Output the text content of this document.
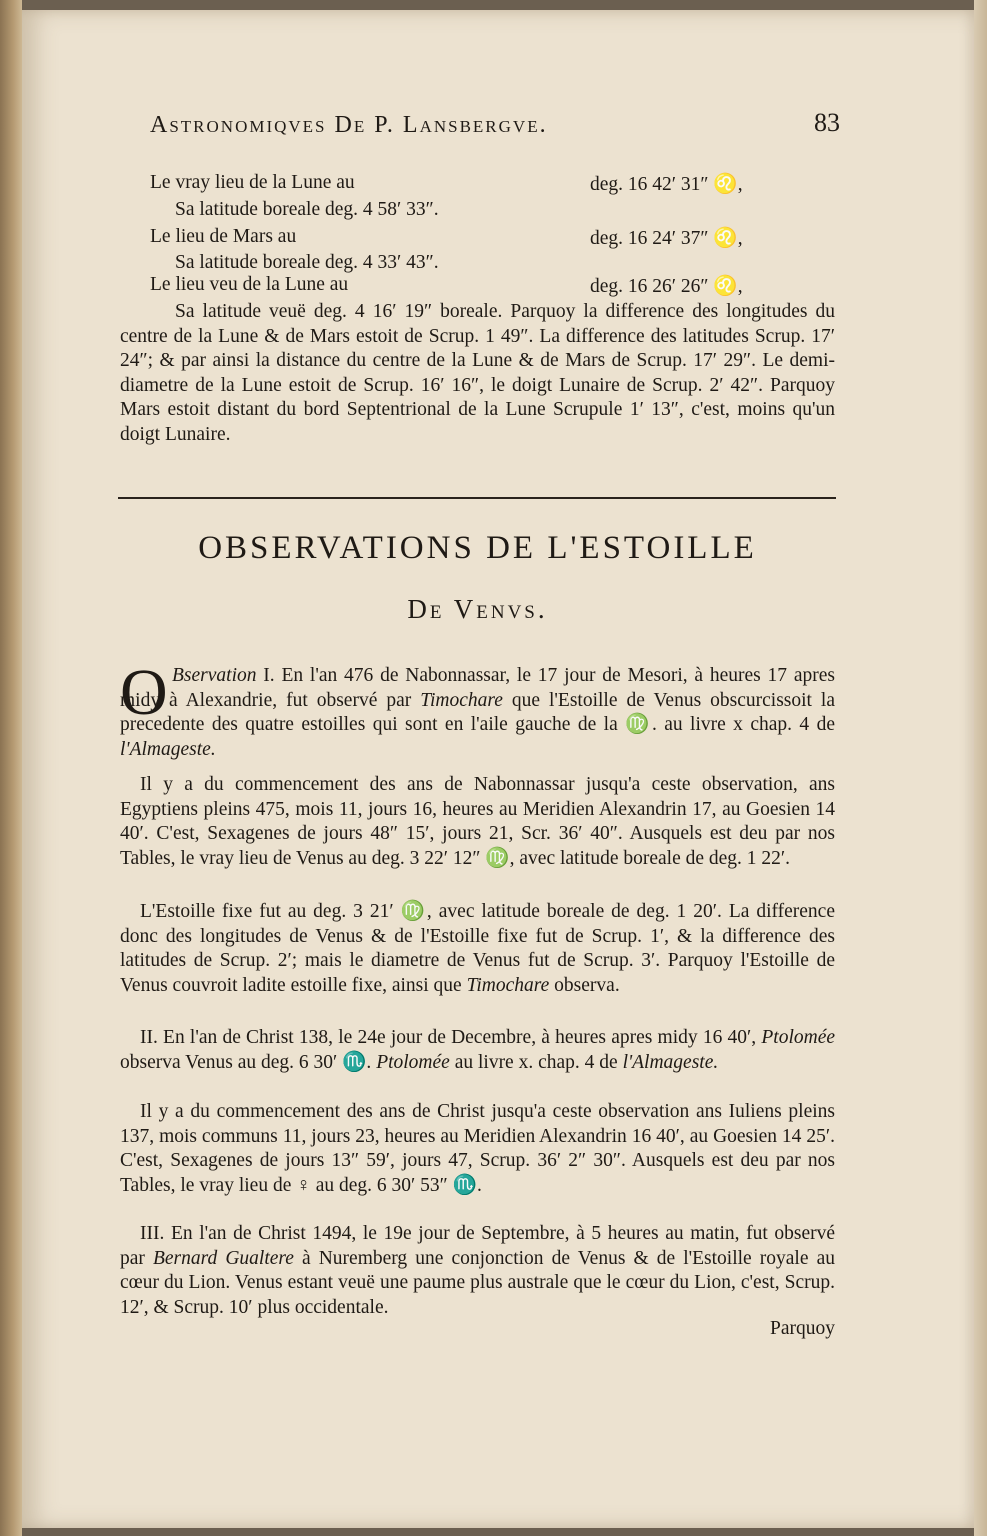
Astronomiqves De P. Lansbergve.	83
Le vray lieu de la Lune au	deg. 16 42′ 31″ ♌,
Sa latitude boreale deg. 4 58′ 33″.
Le lieu de Mars au	deg. 16 24′ 37″ ♌,
Sa latitude boreale deg. 4 33′ 43″.
Le lieu veu de la Lune au	deg. 16 26′ 26″ ♌,
Sa latitude veuë deg. 4 16′ 19″ boreale. Parquoy la difference des longitudes du centre de la Lune & de Mars estoit de Scrup. 1 49″. La difference des latitudes Scrup. 17′ 24″; & par ainsi la distance du centre de la Lune & de Mars de Scrup. 17′ 29″. Le demi-diametre de la Lune estoit de Scrup. 16′ 16″, le doigt Lunaire de Scrup. 2′ 42″. Parquoy Mars estoit distant du bord Septentrional de la Lune Scrupule 1′ 13″, c'est, moins qu'un doigt Lunaire.
OBSERVATIONS DE L'ESTOILLE
De Venvs.
O Bservation I. En l'an 476 de Nabonnassar, le 17 jour de Mesori, à heures 17 apres midy à Alexandrie, fut observé par Timochare que l'Estoille de Venus obscurcissoit la precedente des quatre estoilles qui sont en l'aile gauche de la ♍. au livre x chap. 4 de l'Almageste.
Il y a du commencement des ans de Nabonnassar jusqu'a ceste observation, ans Egyptiens pleins 475, mois 11, jours 16, heures au Meridien Alexandrin 17, au Goesien 14 40′. C'est, Sexagenes de jours 48″ 15′, jours 21, Scr. 36′ 40″. Ausquels est deu par nos Tables, le vray lieu de Venus au deg. 3 22′ 12″ ♍, avec latitude boreale de deg. 1 22′.
L'Estoille fixe fut au deg. 3 21′ ♍, avec latitude boreale de deg. 1 20′. La difference donc des longitudes de Venus & de l'Estoille fixe fut de Scrup. 1′, & la difference des latitudes de Scrup. 2′; mais le diametre de Venus fut de Scrup. 3′. Parquoy l'Estoille de Venus couvroit ladite estoille fixe, ainsi que Timochare observa.
II. En l'an de Christ 138, le 24e jour de Decembre, à heures apres midy 16 40′, Ptolomée observa Venus au deg. 6 30′ ♏. Ptolomée au livre x. chap. 4 de l'Almageste.
Il y a du commencement des ans de Christ jusqu'a ceste observation ans Iuliens pleins 137, mois communs 11, jours 23, heures au Meridien Alexandrin 16 40′, au Goesien 14 25′. C'est, Sexagenes de jours 13″ 59′, jours 47, Scrup. 36′ 2″ 30″. Ausquels est deu par nos Tables, le vray lieu de ♀ au deg. 6 30′ 53″ ♏.
III. En l'an de Christ 1494, le 19e jour de Septembre, à 5 heures au matin, fut observé par Bernard Gualtere à Nuremberg une conjonction de Venus & de l'Estoille royale au cœur du Lion. Venus estant veuë une paume plus australe que le cœur du Lion, c'est, Scrup. 12′, & Scrup. 10′ plus occidentale.
Parquoy
